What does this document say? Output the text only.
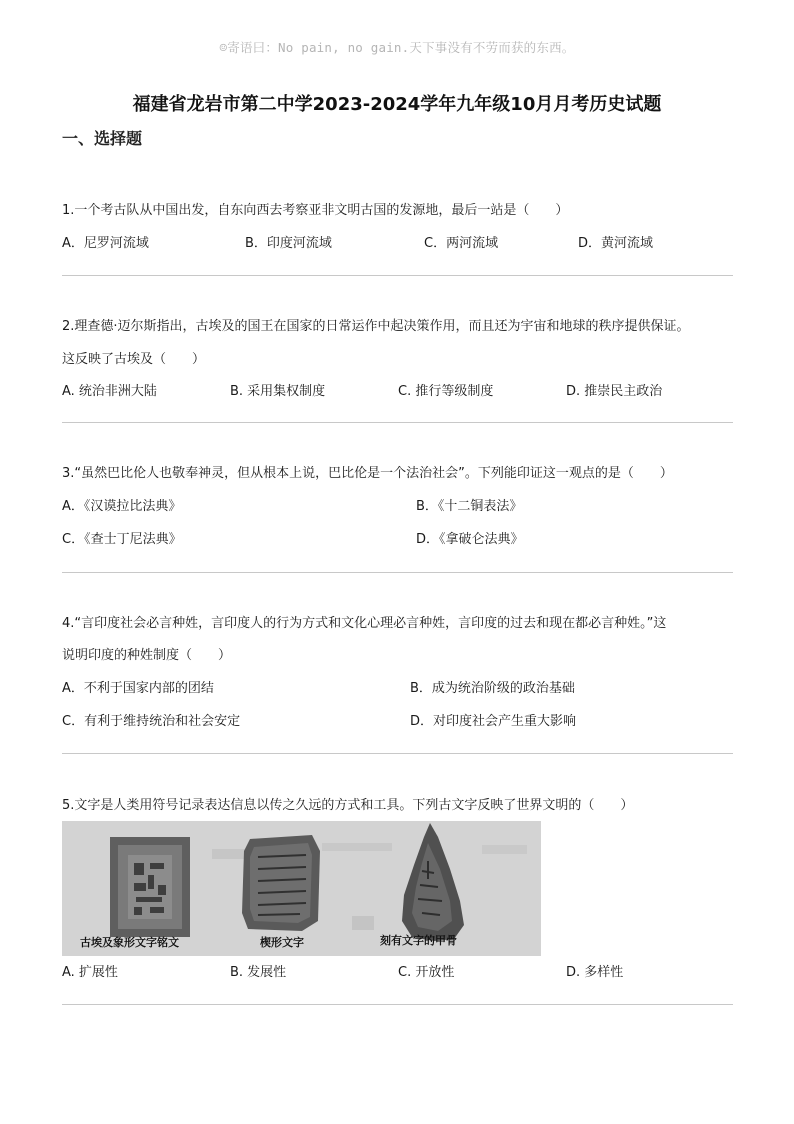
☺寄语曰：No pain, no gain.天下事没有不劳而获的东西。
福建省龙岩市第二中学2023-2024学年九年级10月月考历史试题
一、选择题
1.一个考古队从中国出发，自东向西去考察亚非文明古国的发源地，最后一站是（　　）
A．尼罗河流域	B．印度河流域	C．两河流域	D．黄河流域
2.理查德·迈尔斯指出，古埃及的国王在国家的日常运作中起决策作用，而且还为宇宙和地球的秩序提供保证。
这反映了古埃及（　　）
A. 统治非洲大陆	B. 采用集权制度	C. 推行等级制度	D. 推崇民主政治
3.“虽然巴比伦人也敬奉神灵，但从根本上说，巴比伦是一个法治社会”。下列能印证这一观点的是（　　）
A．《汉谟拉比法典》	B．《十二铜表法》
C．《查士丁尼法典》	D．《拿破仑法典》
4.“言印度社会必言种姓，言印度人的行为方式和文化心理必言种姓，言印度的过去和现在都必言种姓。”这
说明印度的种姓制度（　　）
A．不利于国家内部的团结	B．成为统治阶级的政治基础
C．有利于维持统治和社会安定	D．对印度社会产生重大影响
5.文字是人类用符号记录表达信息以传之久远的方式和工具。下列古文字反映了世界文明的（　　）
古埃及象形文字铭文	楔形文字	刻有文字的甲骨
A. 扩展性	B. 发展性	C. 开放性	D. 多样性
